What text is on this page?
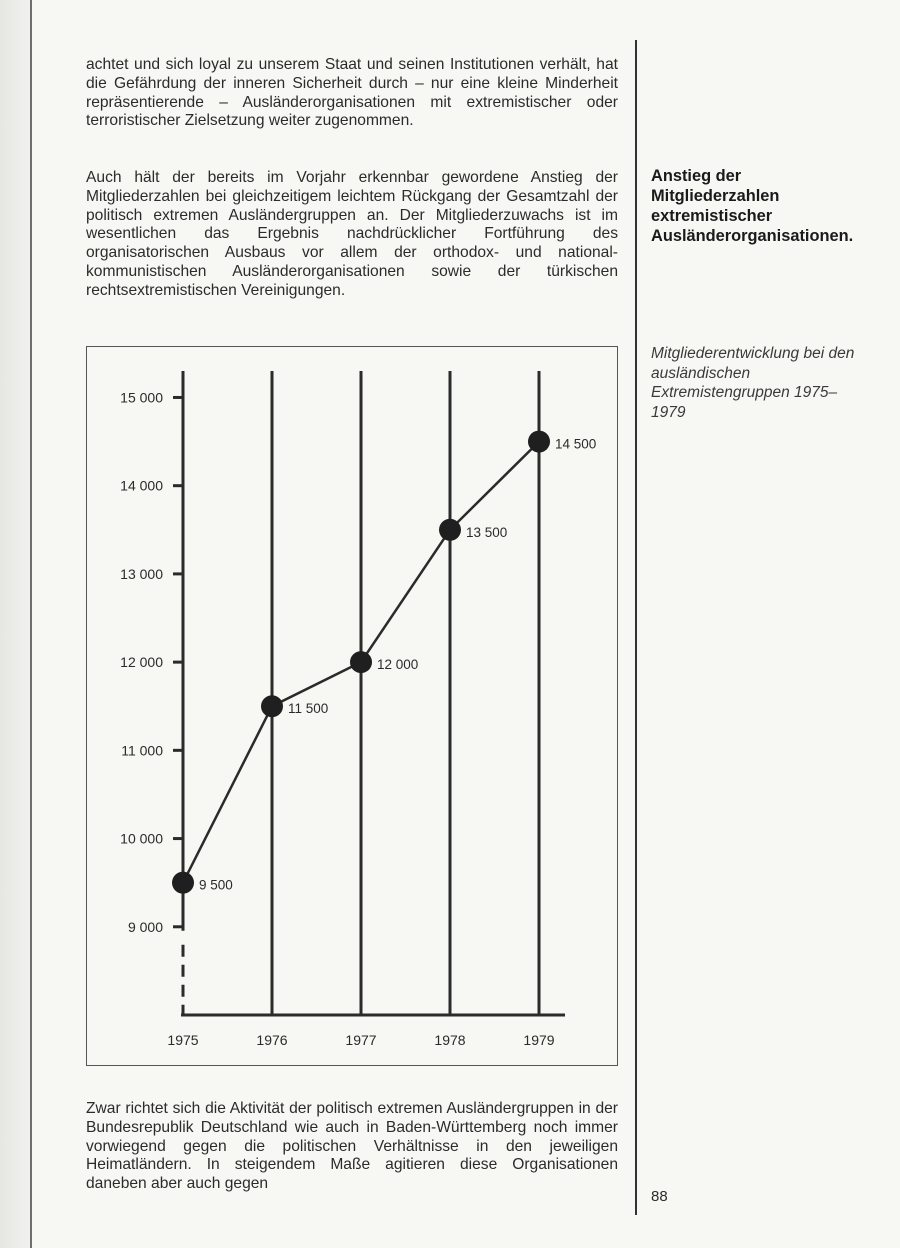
achtet und sich loyal zu unserem Staat und seinen Institutionen verhält, hat die Gefährdung der inneren Sicherheit durch – nur eine kleine Minderheit repräsentierende – Ausländerorganisationen mit extremistischer oder terroristischer Zielsetzung weiter zugenommen.

Auch hält der bereits im Vorjahr erkennbar gewordene Anstieg der Mitgliederzahlen bei gleichzeitigem leichtem Rückgang der Gesamtzahl der politisch extremen Ausländergruppen an. Der Mitgliederzuwachs ist im wesentlichen das Ergebnis nachdrücklicher Fortführung des organisatorischen Ausbaus vor allem der orthodox- und national-kommunistischen Ausländerorganisationen sowie der türkischen rechtsextremistischen Vereinigungen.

Anstieg der Mitgliederzahlen extremistischer Ausländerorganisationen.

Mitgliederentwicklung bei den ausländischen Extremistengruppen 1975–1979

9 000
10 000
11 000
12 000
13 000
14 000
15 000
1975	1976	1977	1978	1979
9 500
11 500
12 000
13 500
14 500

Zwar richtet sich die Aktivität der politisch extremen Ausländergruppen in der Bundesrepublik Deutschland wie auch in Baden-Württemberg noch immer vorwiegend gegen die politischen Verhältnisse in den jeweiligen Heimatländern. In steigendem Maße agitieren diese Organisationen daneben aber auch gegen

88
